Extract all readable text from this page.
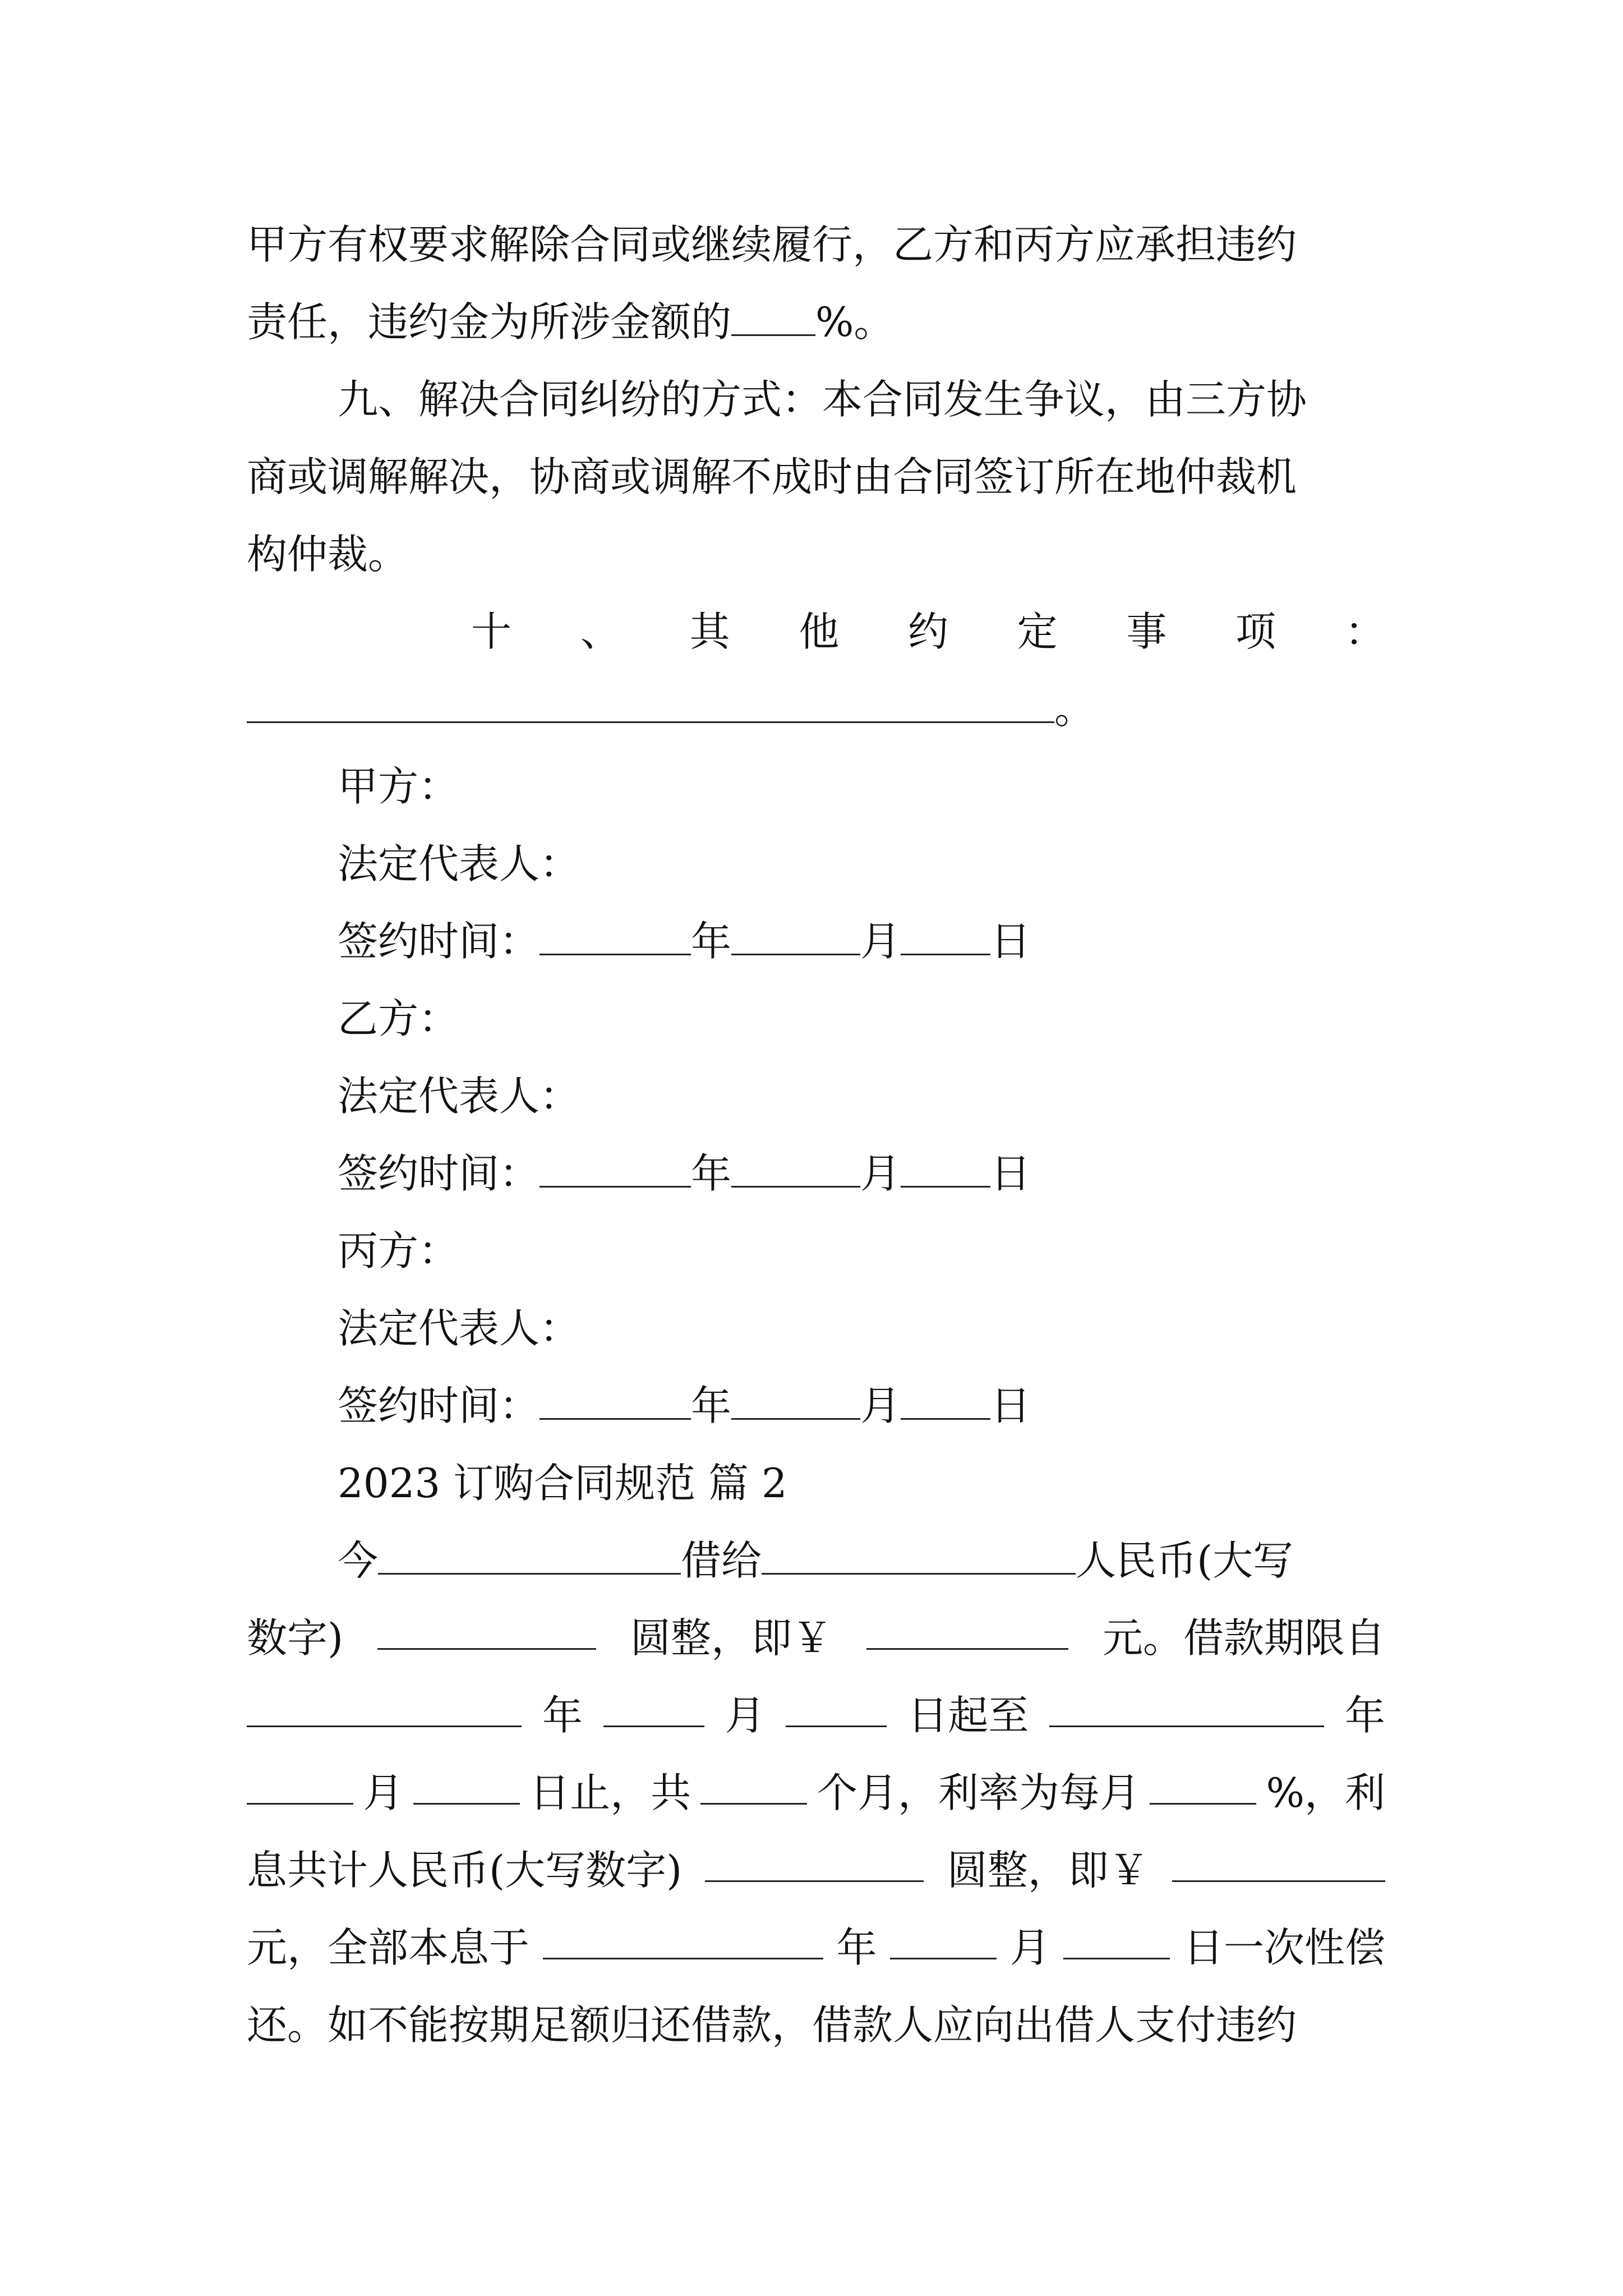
甲方有权要求解除合同或继续履行，乙方和丙方应承担违约
责任，违约金为所涉金额的 %。
九、解决合同纠纷的方式：本合同发生争议，由三方协
商或调解解决，协商或调解不成时由合同签订所在地仲裁机
构仲裁。
十 、 其 他 约 定 事 项 ：
。
甲方：
法定代表人：
签约时间：	年	月 日
乙方：
法定代表人：
签约时间：	年	月 日
丙方：
法定代表人：
签约时间：	年	月 日
2023 订购合同规范 篇 2
今	借给	人民币(大写
数字)	圆整，即￥	元。借款期限自
年	月	日起至	年
月	日止，共	个月，利率为每月	%，利
息共计人民币(大写数字)	圆整，即￥
元，全部本息于	年	月	日一次性偿
还。如不能按期足额归还借款，借款人应向出借人支付违约
